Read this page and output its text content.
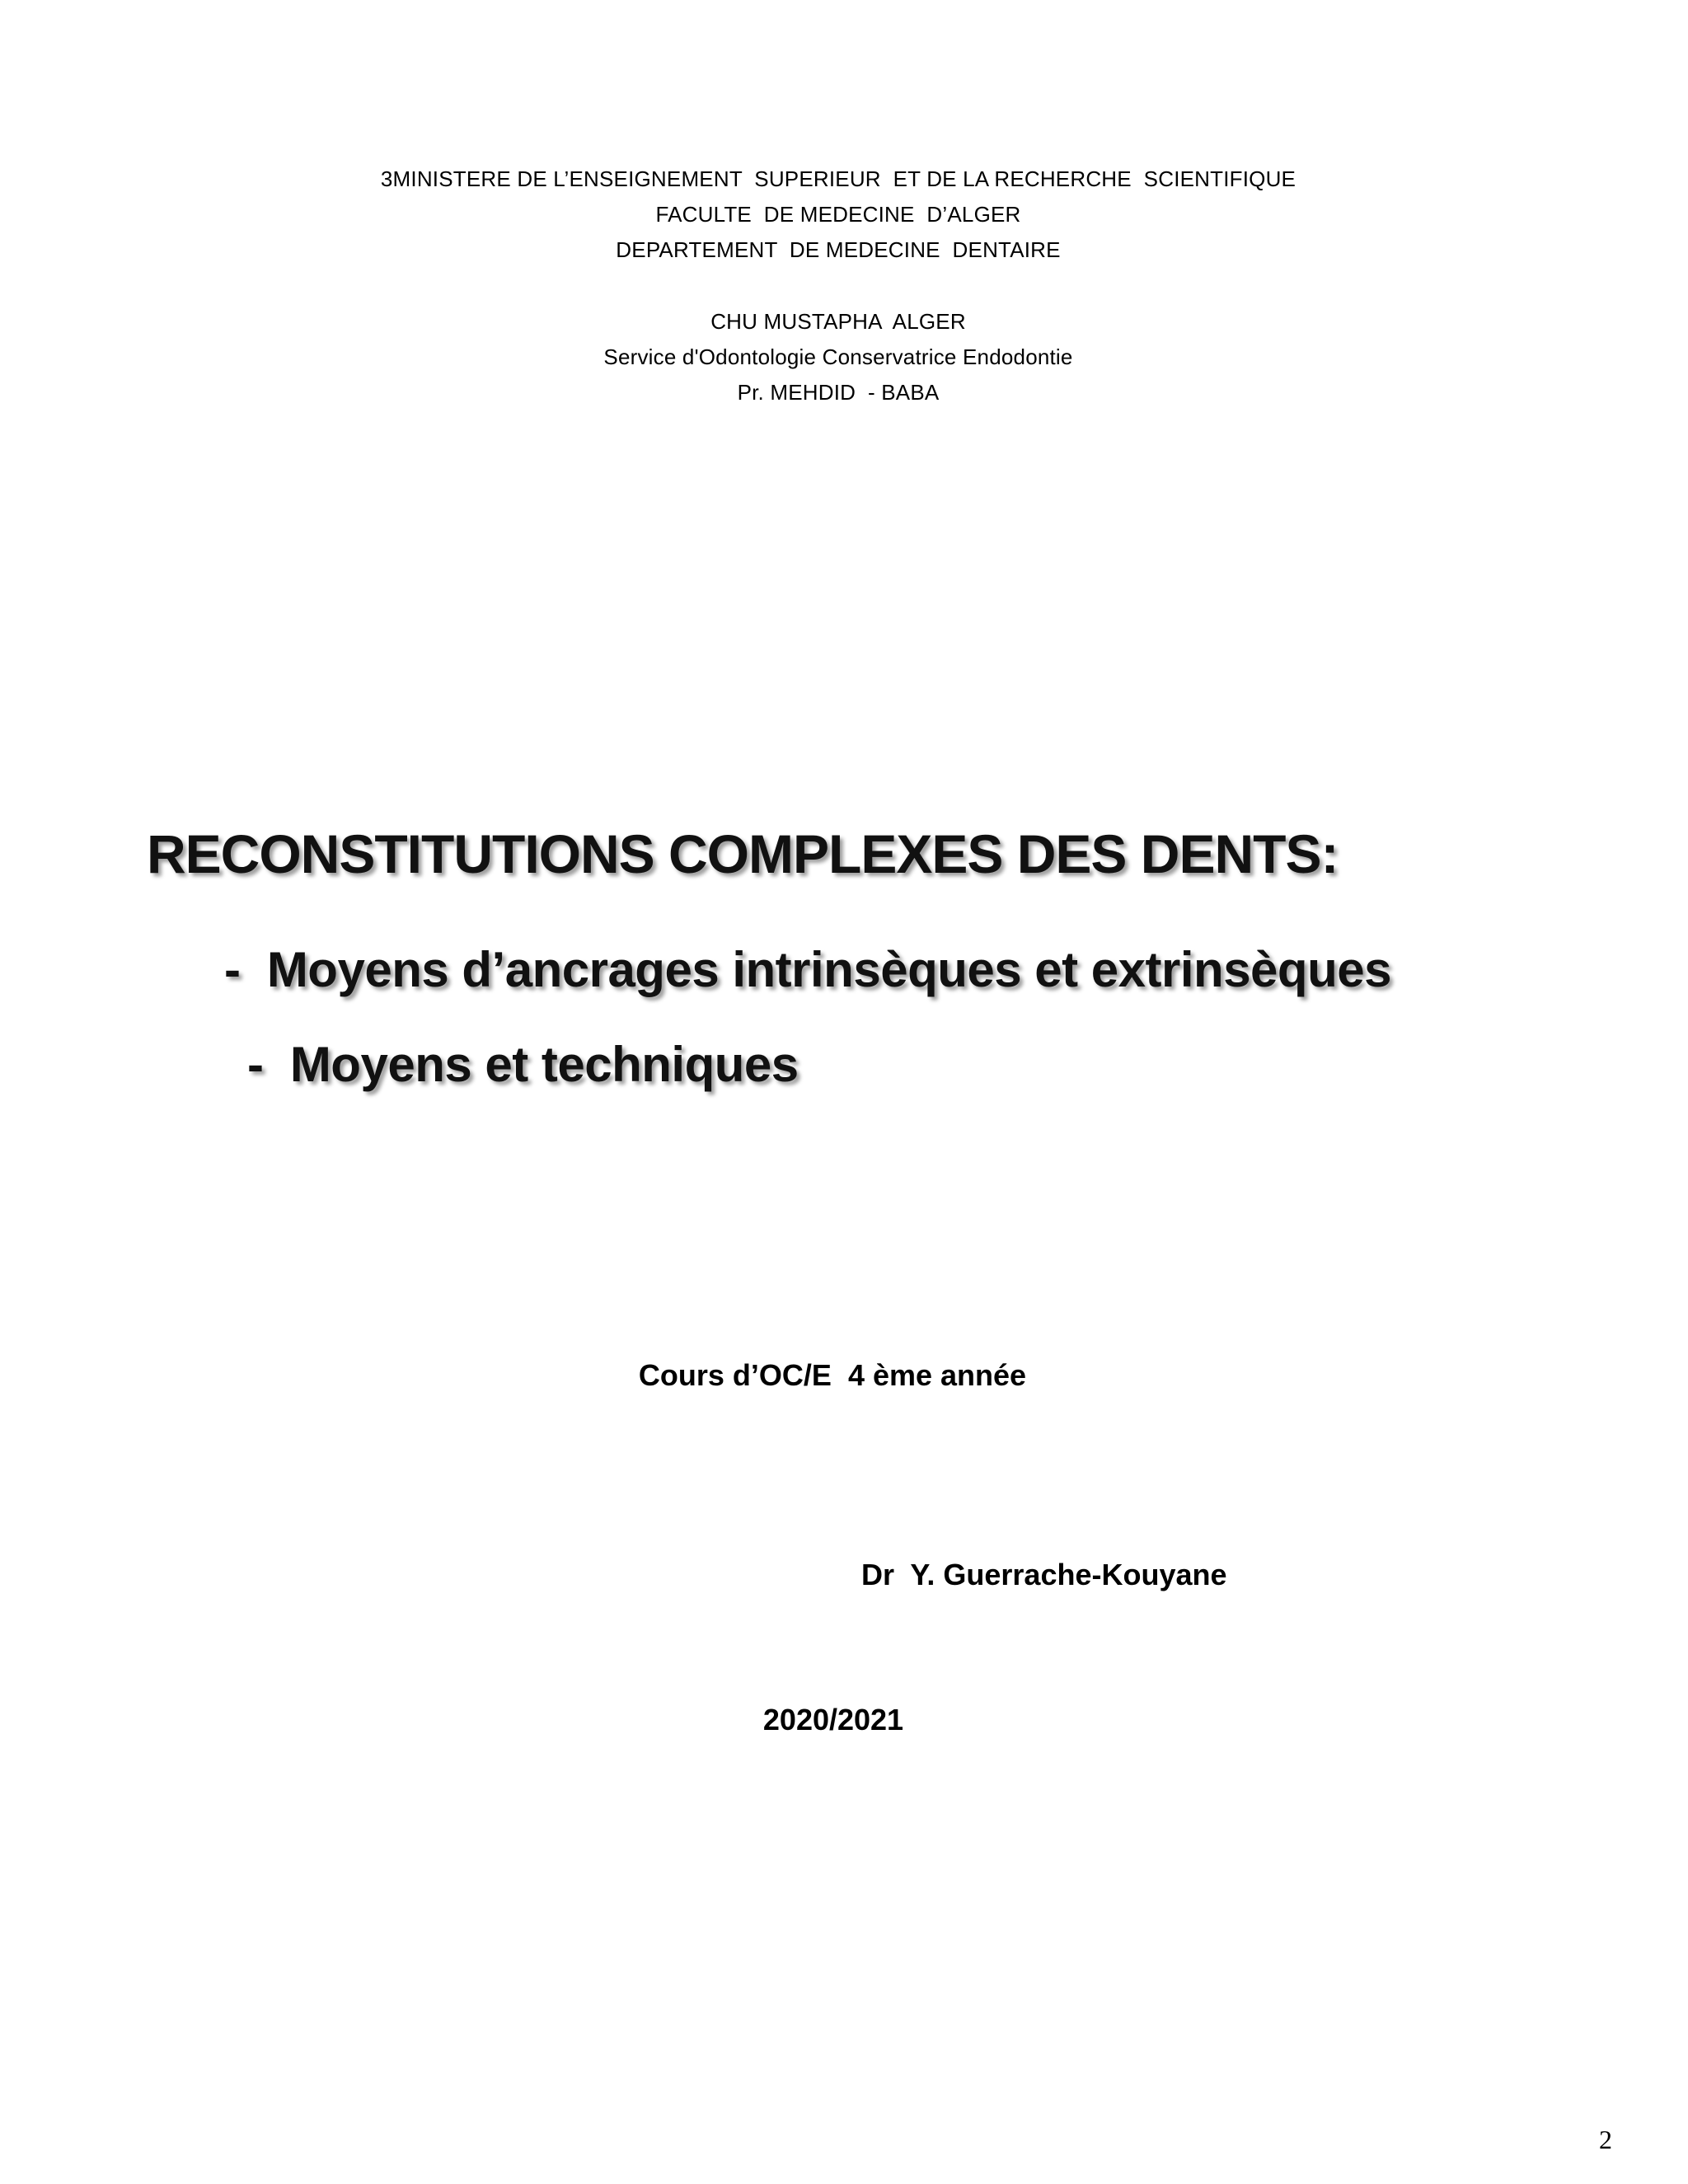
3MINISTERE DE L’ENSEIGNEMENT  SUPERIEUR  ET DE LA RECHERCHE  SCIENTIFIQUE
FACULTE  DE MEDECINE  D’ALGER
DEPARTEMENT  DE MEDECINE  DENTAIRE
CHU MUSTAPHA  ALGER
Service d'Odontologie Conservatrice Endodontie
Pr. MEHDID  - BABA
RECONSTITUTIONS COMPLEXES DES DENTS:
-  Moyens d’ancrages intrinsèques et extrinsèques
-  Moyens et techniques
Cours d’OC/E  4 ème année
Dr  Y. Guerrache-Kouyane
2020/2021
2
